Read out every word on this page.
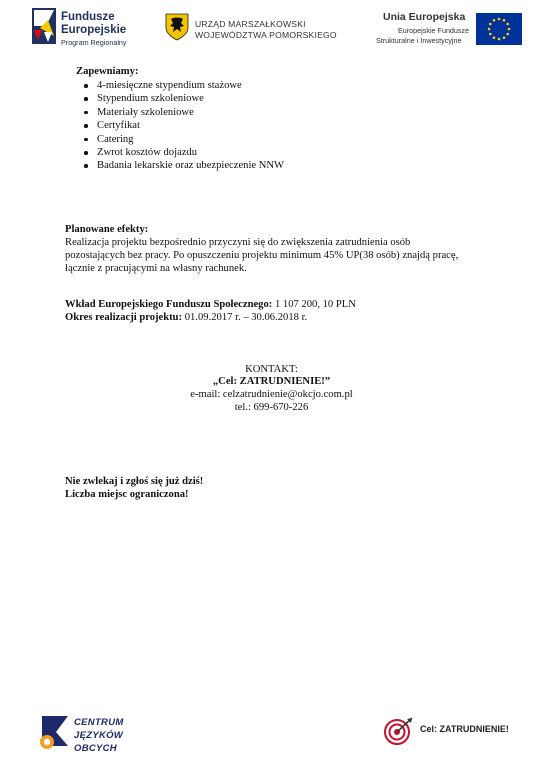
Fundusze
Europejskie
Program Regionalny
URZĄD MARSZAŁKOWSKI
WOJEWÓDZTWA POMORSKIEGO
Unia Europejska
Europejskie Fundusze
Strukturalne i Inwestycyjne
Zapewniamy:
4-miesięczne stypendium stażowe
Stypendium szkoleniowe
Materiały szkoleniowe
Certyfikat
Catering
Zwrot kosztów dojazdu
Badania lekarskie oraz ubezpieczenie NNW
Planowane efekty:
Realizacja projektu bezpośrednio przyczyni się do zwiększenia zatrudnienia osób
pozostających bez pracy. Po opuszczeniu projektu minimum 45% UP(38 osób) znajdą pracę,
łącznie z pracującymi na własny rachunek.
Wkład Europejskiego Funduszu Społecznego: 1 107 200, 10 PLN
Okres realizacji projektu: 01.09.2017 r. – 30.06.2018 r.
KONTAKT:
„Cel: ZATRUDNIENIE!”
e-mail: celzatrudnienie@okcjo.com.pl
tel.: 699-670-226
Nie zwlekaj i zgłoś się już dziś!
Liczba miejsc ograniczona!
CENTRUM
JĘZYKÓW
OBCYCH
Cel: ZATRUDNIENIE!
